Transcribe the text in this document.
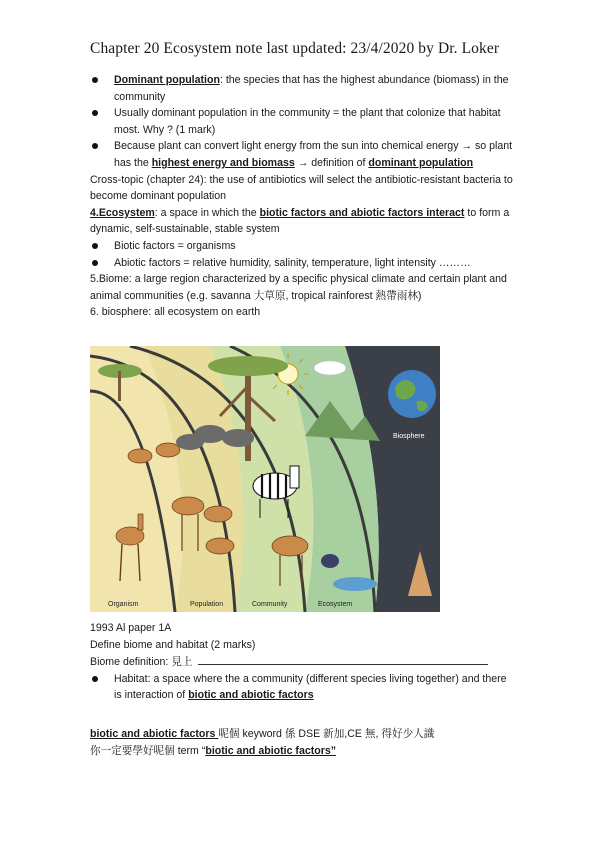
Chapter 20 Ecosystem note last updated: 23/4/2020 by Dr. Loker
Dominant population: the species that has the highest abundance (biomass) in the community
Usually dominant population in the community = the plant that colonize that habitat most. Why ? (1 mark)
Because plant can convert light energy from the sun into chemical energy → so plant has the highest energy and biomass → definition of dominant population

Cross-topic (chapter 24): the use of antibiotics will select the antibiotic-resistant bacteria to become dominant population

4.Ecosystem: a space in which the biotic factors and abiotic factors interact to form a dynamic, self-sustainable, stable system

Biotic factors = organisms
Abiotic factors = relative humidity, salinity, temperature, light intensity ………

5.Biome: a large region characterized by a specific physical climate and certain plant and animal communities (e.g. savanna 大草原, tropical rainforest 熱帶雨林)

6. biosphere: all ecosystem on earth

Organism	Population	Community	Ecosystem
Biosphere

1993 Al paper 1A

Define biome and habitat (2 marks)

Biome definition: 見上

Habitat: a space where the a community (different species living together) and there is interaction of biotic and abiotic factors

biotic and abiotic factors 呢個 keyword 係 DSE 新加,CE 無, 得好少人識

你一定要學好呢個 term “biotic and abiotic factors”
